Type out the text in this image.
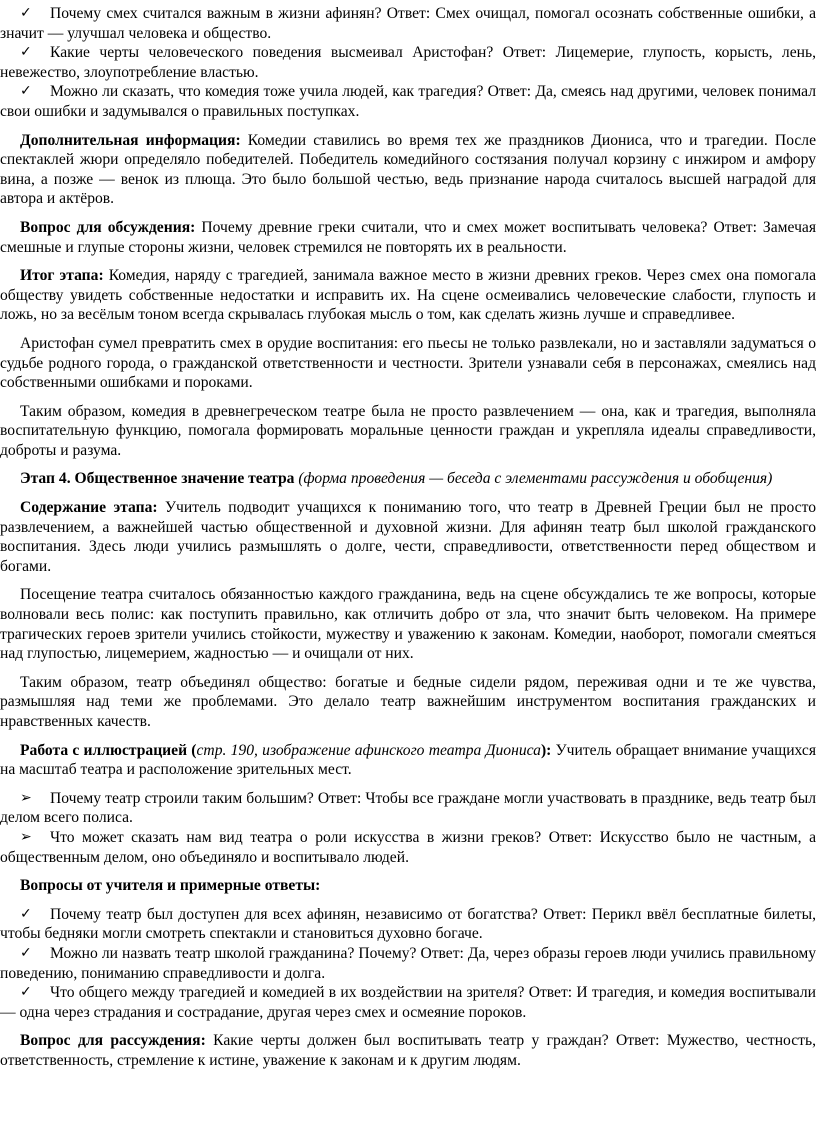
✓ Почему смех считался важным в жизни афинян? Ответ: Смех очищал, помогал осознать собственные ошибки, а значит — улучшал человека и общество.

✓ Какие черты человеческого поведения высмеивал Аристофан? Ответ: Лицемерие, глупость, корысть, лень, невежество, злоупотребление властью.

✓ Можно ли сказать, что комедия тоже учила людей, как трагедия? Ответ: Да, смеясь над другими, человек понимал свои ошибки и задумывался о правильных поступках.

Дополнительная информация: Комедии ставились во время тех же праздников Диониса, что и трагедии. После спектаклей жюри определяло победителей. Победитель комедийного состязания получал корзину с инжиром и амфору вина, а позже — венок из плюща. Это было большой честью, ведь признание народа считалось высшей наградой для автора и актёров.

Вопрос для обсуждения: Почему древние греки считали, что и смех может воспитывать человека? Ответ: Замечая смешные и глупые стороны жизни, человек стремился не повторять их в реальности.

Итог этапа: Комедия, наряду с трагедией, занимала важное место в жизни древних греков. Через смех она помогала обществу увидеть собственные недостатки и исправить их. На сцене осмеивались человеческие слабости, глупость и ложь, но за весёлым тоном всегда скрывалась глубокая мысль о том, как сделать жизнь лучше и справедливее.

Аристофан сумел превратить смех в орудие воспитания: его пьесы не только развлекали, но и заставляли задуматься о судьбе родного города, о гражданской ответственности и честности. Зрители узнавали себя в персонажах, смеялись над собственными ошибками и пороками.

Таким образом, комедия в древнегреческом театре была не просто развлечением — она, как и трагедия, выполняла воспитательную функцию, помогала формировать моральные ценности граждан и укрепляла идеалы справедливости, доброты и разума.

Этап 4. Общественное значение театра (форма проведения — беседа с элементами рассуждения и обобщения)

Содержание этапа: Учитель подводит учащихся к пониманию того, что театр в Древней Греции был не просто развлечением, а важнейшей частью общественной и духовной жизни. Для афинян театр был школой гражданского воспитания. Здесь люди учились размышлять о долге, чести, справедливости, ответственности перед обществом и богами.

Посещение театра считалось обязанностью каждого гражданина, ведь на сцене обсуждались те же вопросы, которые волновали весь полис: как поступить правильно, как отличить добро от зла, что значит быть человеком. На примере трагических героев зрители учились стойкости, мужеству и уважению к законам. Комедии, наоборот, помогали смеяться над глупостью, лицемерием, жадностью — и очищали от них.

Таким образом, театр объединял общество: богатые и бедные сидели рядом, переживая одни и те же чувства, размышляя над теми же проблемами. Это делало театр важнейшим инструментом воспитания гражданских и нравственных качеств.

Работа с иллюстрацией (стр. 190, изображение афинского театра Диониса): Учитель обращает внимание учащихся на масштаб театра и расположение зрительных мест.

➢ Почему театр строили таким большим? Ответ: Чтобы все граждане могли участвовать в празднике, ведь театр был делом всего полиса.

➢ Что может сказать нам вид театра о роли искусства в жизни греков? Ответ: Искусство было не частным, а общественным делом, оно объединяло и воспитывало людей.

Вопросы от учителя и примерные ответы:

✓ Почему театр был доступен для всех афинян, независимо от богатства? Ответ: Перикл ввёл бесплатные билеты, чтобы бедняки могли смотреть спектакли и становиться духовно богаче.

✓ Можно ли назвать театр школой гражданина? Почему? Ответ: Да, через образы героев люди учились правильному поведению, пониманию справедливости и долга.

✓ Что общего между трагедией и комедией в их воздействии на зрителя? Ответ: И трагедия, и комедия воспитывали — одна через страдания и сострадание, другая через смех и осмеяние пороков.

Вопрос для рассуждения: Какие черты должен был воспитывать театр у граждан? Ответ: Мужество, честность, ответственность, стремление к истине, уважение к законам и к другим людям.
